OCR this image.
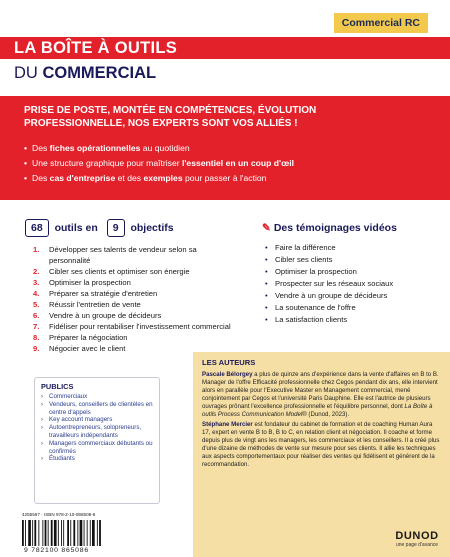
Commercial RC
LA BOÎTE À OUTILS
DU COMMERCIAL
PRISE DE POSTE, MONTÉE EN COMPÉTENCES, ÉVOLUTION
PROFESSIONNELLE, NOS EXPERTS SONT VOS ALLIÉS !
• Des fiches opérationnelles au quotidien
• Une structure graphique pour maîtriser l'essentiel en un coup d'œil
• Des cas d'entreprise et des exemples pour passer à l'action
68 outils en 9 objectifs
1.	Développer ses talents de vendeur selon sa personnalité
2.	Cibler ses clients et optimiser son énergie
3.	Optimiser la prospection
4.	Préparer sa stratégie d'entretien
5.	Réussir l'entretien de vente
6.	Vendre à un groupe de décideurs
7.	Fidéliser pour rentabiliser l'investissement commercial
8.	Préparer la négociation
9.	Négocier avec le client
✎ Des témoignages vidéos
• Faire la différence
• Cibler ses clients
• Optimiser la prospection
• Prospecter sur les réseaux sociaux
• Vendre à un groupe de décideurs
• La soutenance de l'offre
• La satisfaction clients
LES AUTEURS

Pascale Bélorgey a plus de quinze ans d'expérience dans la vente d'affaires en B to B. Manager de l'offre Efficacité professionnelle chez Cegos pendant dix ans, elle intervient alors en parallèle pour l'Executive Master en Management commercial, mené conjointement par Cegos et l'université Paris Dauphine. Elle est l'autrice de plusieurs ouvrages prônant l'excellence professionnelle et l'équilibre personnel, dont La Boîte à outils Process Communication Model® (Dunod, 2023).

Stéphane Mercier est fondateur du cabinet de formation et de coaching Human Aura 17, expert en vente B to B, B to C, en relation client et négociation. Il coache et forme depuis plus de vingt ans les managers, les commerciaux et les conseillers. Il a créé plus d'une dizaine de méthodes de vente sur mesure pour ses clients. Il allie les techniques aux aspects comportementaux pour réaliser des ventes qui fidélisent et génèrent de la recommandation.

PUBLICS
› Commerciaux
› Vendeurs, conseillers de clientèles en centre d'appels
› Key account managers
› Autoentrepreneurs, solopreneurs, travailleurs indépendants
› Managers commerciaux débutants ou confirmés
› Étudiants
4255567 · ISBN 978-2-10-086508-6
9 782100 865086
DUNOD
une page d'avance
